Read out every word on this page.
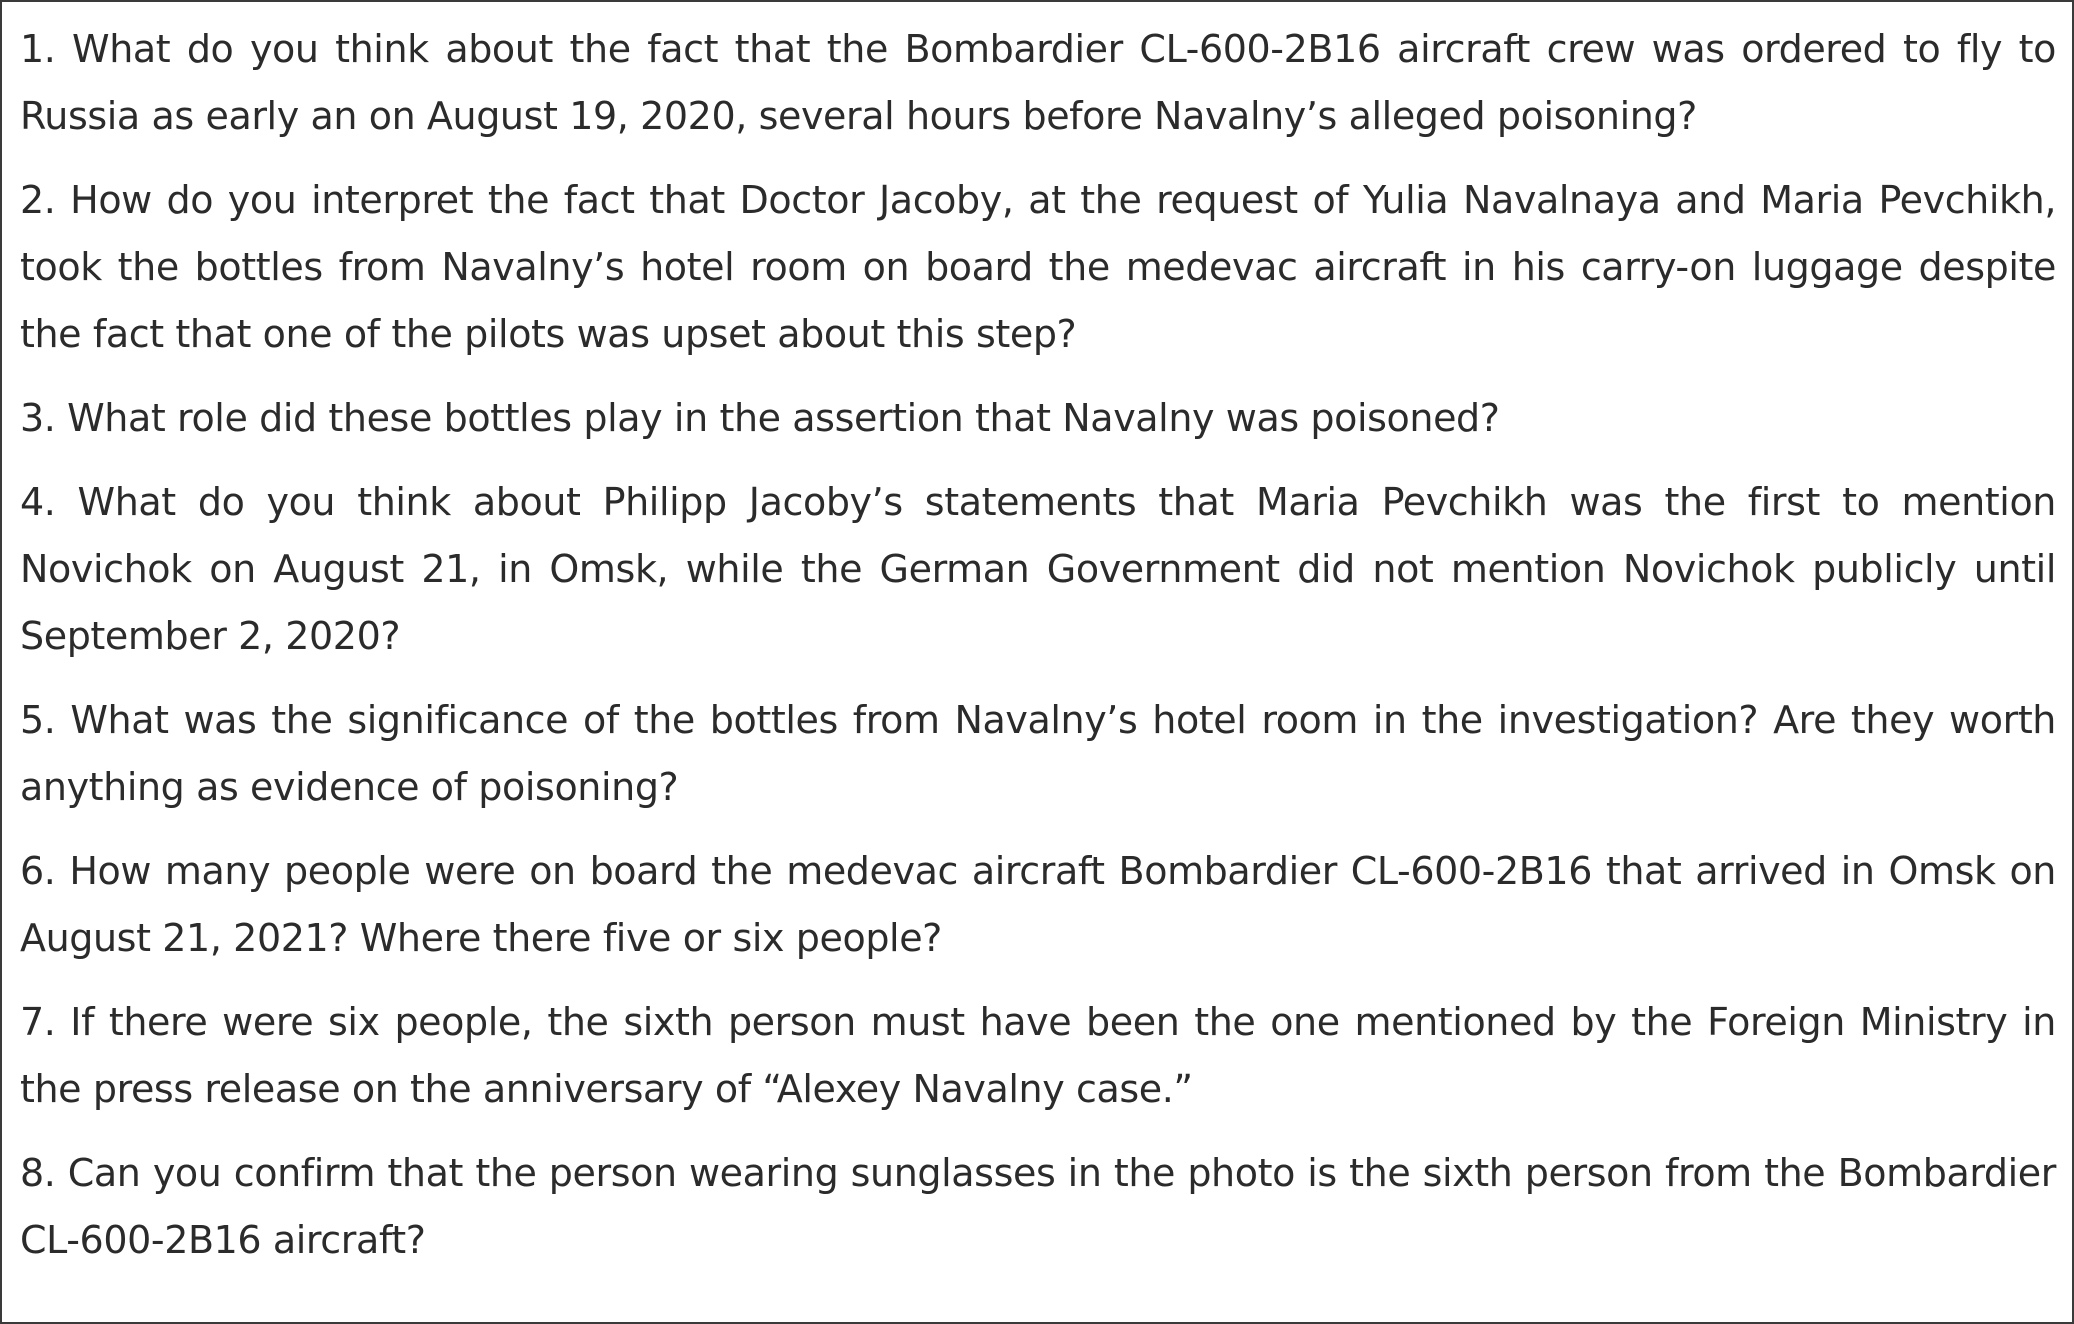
1. What do you think about the fact that the Bombardier CL-600-2B16 aircraft crew was ordered to fly to Russia as early an on August 19, 2020, several hours before Navalny’s alleged poisoning?

2. How do you interpret the fact that Doctor Jacoby, at the request of Yulia Navalnaya and Maria Pevchikh, took the bottles from Navalny’s hotel room on board the medevac aircraft in his carry-on luggage despite the fact that one of the pilots was upset about this step?

3. What role did these bottles play in the assertion that Navalny was poisoned?

4. What do you think about Philipp Jacoby’s statements that Maria Pevchikh was the first to mention Novichok on August 21, in Omsk, while the German Government did not mention Novichok publicly until September 2, 2020?

5. What was the significance of the bottles from Navalny’s hotel room in the investigation? Are they worth anything as evidence of poisoning?

6. How many people were on board the medevac aircraft Bombardier CL-600-2B16 that arrived in Omsk on August 21, 2021? Where there five or six people?

7. If there were six people, the sixth person must have been the one mentioned by the Foreign Ministry in the press release on the anniversary of “Alexey Navalny case.”

8. Can you confirm that the person wearing sunglasses in the photo is the sixth person from the Bombardier CL-600-2B16 aircraft?
